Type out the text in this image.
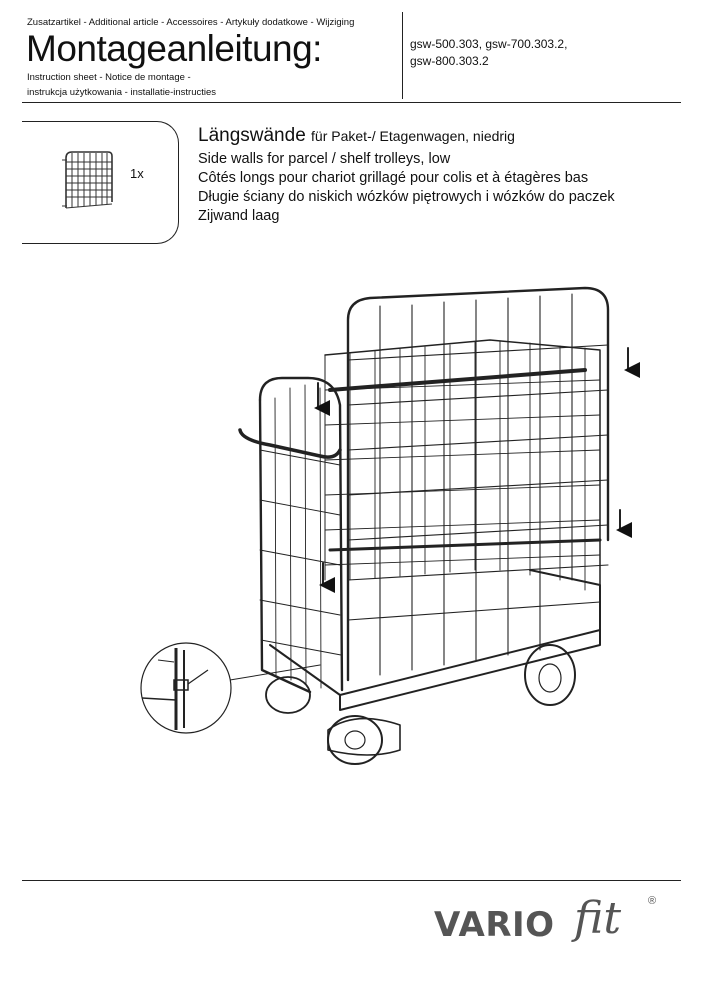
Zusatzartikel - Additional article - Accessoires - Artykuły dodatkowe - Wijziging
Montageanleitung:
Instruction sheet - Notice de montage -
instrukcja użytkowania - installatie-instructies
gsw-500.303, gsw-700.303.2,
gsw-800.303.2
1x
Längswände für Paket-/ Etagenwagen, niedrig
Side walls for parcel / shelf trolleys, low
Côtés longs pour chariot grillagé pour colis et à étagères bas
Długie ściany do niskich wózków piętrowych i wózków do paczek
Zijwand laag
VARIO fit ®
